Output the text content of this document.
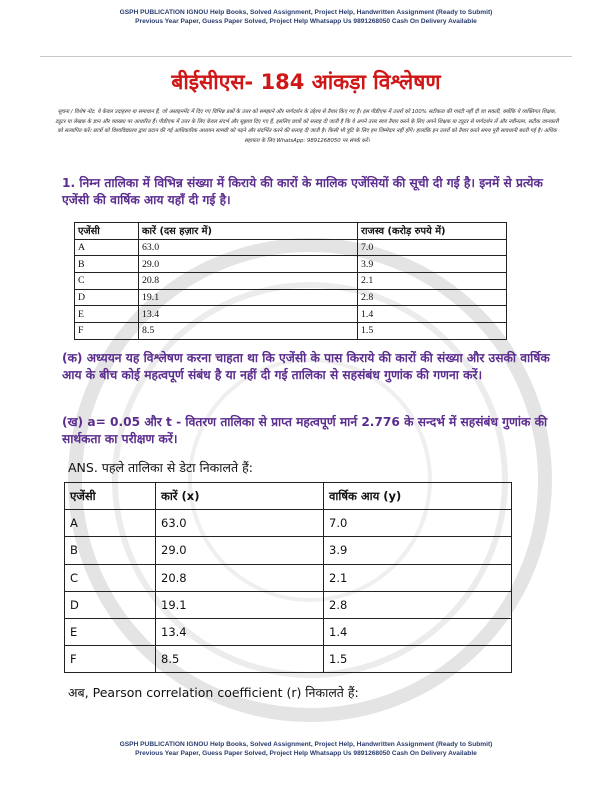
GSPH PUBLICATION IGNOU Help Books, Solved Assignment, Project Help, Handwritten Assignment (Ready to Submit)
Previous Year Paper, Guess Paper Solved, Project Help Whatsapp Us 9891268050 Cash On Delivery Available
बीईसीएस- 184 आंकड़ा विश्लेषण
सूचना / विशेष नोट: ये केवल उदाहरण या समाधान हैं, जो असाइनमेंट में दिए गए विभिन्न प्रश्नों के उत्तर को समझाने और मार्गदर्शन के उद्देश्य से तैयार किए गए हैं। इस पीडीएफ में उत्तरों को 100% सटीकता की गारंटी नहीं दी जा सकती, क्योंकि ये व्यक्तिगत शिक्षक, ट्यूटर या लेखक के ज्ञान और व्याख्या पर आधारित हैं। पीडीएफ में उत्तर के लिए केवल संदर्भ और सुझाव दिए गए हैं, इसलिए छात्रों को सलाह दी जाती है कि वे अपने उत्तर स्वयं तैयार करने के लिए अपने शिक्षक या ट्यूटर से मार्गदर्शन लें और नवीनतम, सटीक जानकारी को सत्यापित करें। छात्रों को विश्वविद्यालय द्वारा प्रदान की गई आधिकारिक अध्ययन सामग्री को पढ़ने और संदर्भित करने की सलाह दी जाती है। किसी भी त्रुटि के लिए हम जिम्मेदार नहीं होंगे। हालांकि इन उत्तरों को तैयार करते समय पूरी सावधानी बरती गई है। अधिक सहायता के लिए WhatsApp: 9891268050 पर संपर्क करें।
1. निम्न तालिका में विभिन्न संख्या में किराये की कारों के मालिक एजेंसियों की सूची दी गई है। इनमें से प्रत्येक एजेंसी की वार्षिक आय यहाँ दी गई है।
एजेंसी	कारें (दस हज़ार में)	राजस्व (करोड़ रुपये में)
A	63.0	7.0
B	29.0	3.9
C	20.8	2.1
D	19.1	2.8
E	13.4	1.4
F	8.5	1.5
(क) अध्ययन यह विश्लेषण करना चाहता था कि एजेंसी के पास किराये की कारों की संख्या और उसकी वार्षिक आय के बीच कोई महत्वपूर्ण संबंध है या नहीं दी गई तालिका से सहसंबंध गुणांक की गणना करें।
(ख) a= 0.05 और t - वितरण तालिका से प्राप्त महत्वपूर्ण मार्न 2.776 के सन्दर्भ में सहसंबंध गुणांक की सार्थकता का परीक्षण करें।
ANS. पहले तालिका से डेटा निकालते हैं:
एजेंसी	कारें (x)	वार्षिक आय (y)
A	63.0	7.0
B	29.0	3.9
C	20.8	2.1
D	19.1	2.8
E	13.4	1.4
F	8.5	1.5
अब, Pearson correlation coefficient (r) निकालते हैं:
GSPH PUBLICATION IGNOU Help Books, Solved Assignment, Project Help, Handwritten Assignment (Ready to Submit)
Previous Year Paper, Guess Paper Solved, Project Help Whatsapp Us 9891268050 Cash On Delivery Available
